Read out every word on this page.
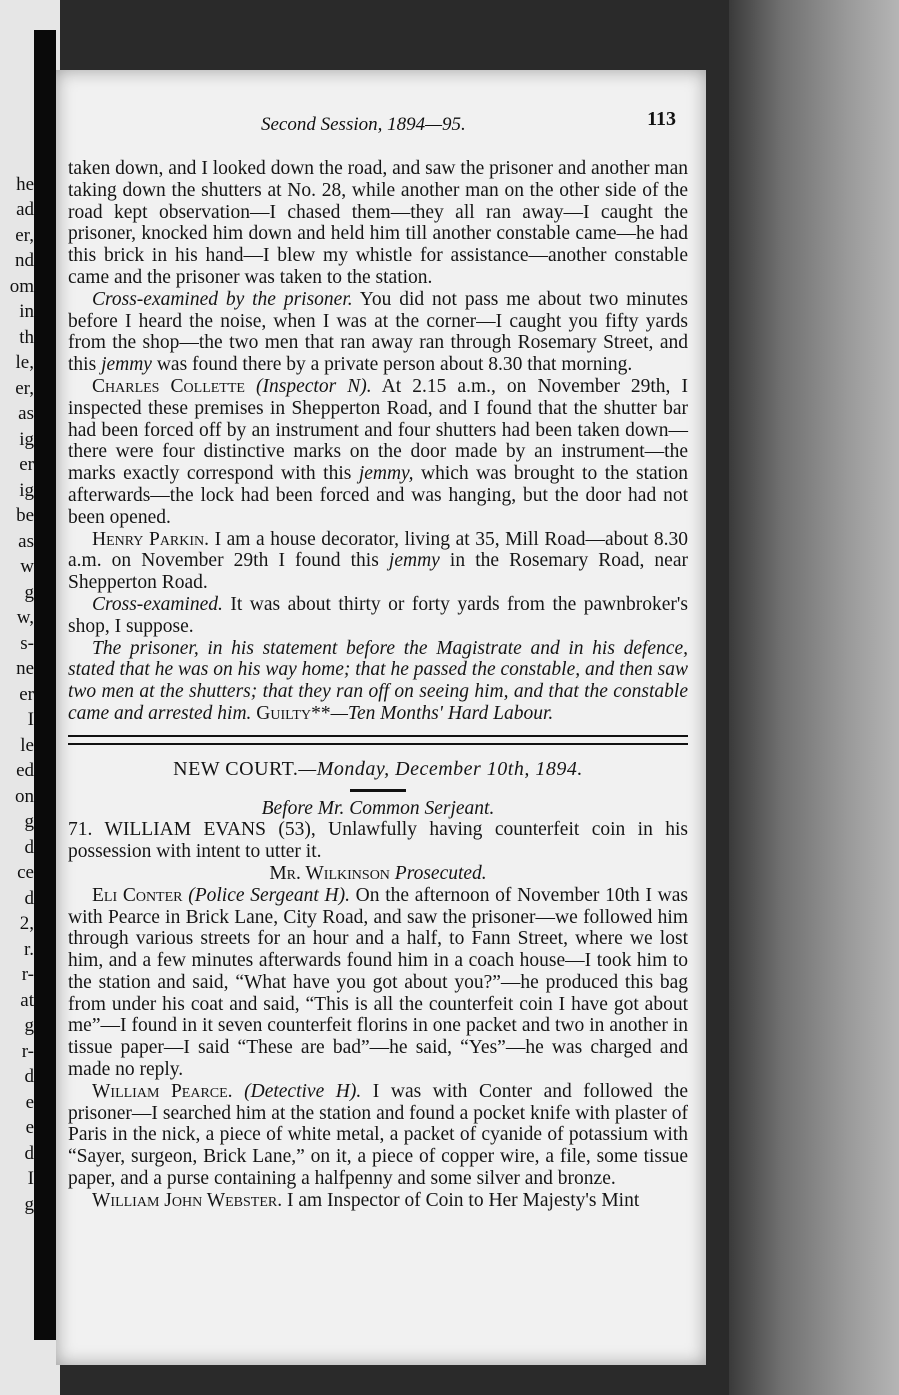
he
ad
er,
nd
om
in
th
le,
er,
as
ig
er
ig
be
as
w
g
w,
s-
ne
er
I
le
ed
on
g
d
ce
d
2,
r.
r-
at
g
r-
d
e
e
d
I
g
Second Session, 1894—95.	113

taken down, and I looked down the road, and saw the prisoner and another man taking down the shutters at No. 28, while another man on the other side of the road kept observation—I chased them—they all ran away—I caught the prisoner, knocked him down and held him till another constable came—he had this brick in his hand—I blew my whistle for assistance—another constable came and the prisoner was taken to the station.

Cross-examined by the prisoner. You did not pass me about two minutes before I heard the noise, when I was at the corner—I caught you fifty yards from the shop—the two men that ran away ran through Rosemary Street, and this jemmy was found there by a private person about 8.30 that morning.

Charles Collette (Inspector N). At 2.15 a.m., on November 29th, I inspected these premises in Shepperton Road, and I found that the shutter bar had been forced off by an instrument and four shutters had been taken down—there were four distinctive marks on the door made by an instrument—the marks exactly correspond with this jemmy, which was brought to the station afterwards—the lock had been forced and was hanging, but the door had not been opened.

Henry Parkin. I am a house decorator, living at 35, Mill Road—about 8.30 a.m. on November 29th I found this jemmy in the Rosemary Road, near Shepperton Road.

Cross-examined. It was about thirty or forty yards from the pawnbroker's shop, I suppose.

The prisoner, in his statement before the Magistrate and in his defence, stated that he was on his way home; that he passed the constable, and then saw two men at the shutters; that they ran off on seeing him, and that the constable came and arrested him. Guilty**—Ten Months' Hard Labour.

NEW COURT.—Monday, December 10th, 1894.

Before Mr. Common Serjeant.

71. WILLIAM EVANS (53), Unlawfully having counterfeit coin in his possession with intent to utter it.

Mr. Wilkinson Prosecuted.

Eli Conter (Police Sergeant H). On the afternoon of November 10th I was with Pearce in Brick Lane, City Road, and saw the prisoner—we followed him through various streets for an hour and a half, to Fann Street, where we lost him, and a few minutes afterwards found him in a coach house—I took him to the station and said, “What have you got about you?”—he produced this bag from under his coat and said, “This is all the counterfeit coin I have got about me”—I found in it seven counterfeit florins in one packet and two in another in tissue paper—I said “These are bad”—he said, “Yes”—he was charged and made no reply.

William Pearce. (Detective H). I was with Conter and followed the prisoner—I searched him at the station and found a pocket knife with plaster of Paris in the nick, a piece of white metal, a packet of cyanide of potassium with “Sayer, surgeon, Brick Lane,” on it, a piece of copper wire, a file, some tissue paper, and a purse containing a halfpenny and some silver and bronze.

William John Webster. I am Inspector of Coin to Her Majesty's Mint
